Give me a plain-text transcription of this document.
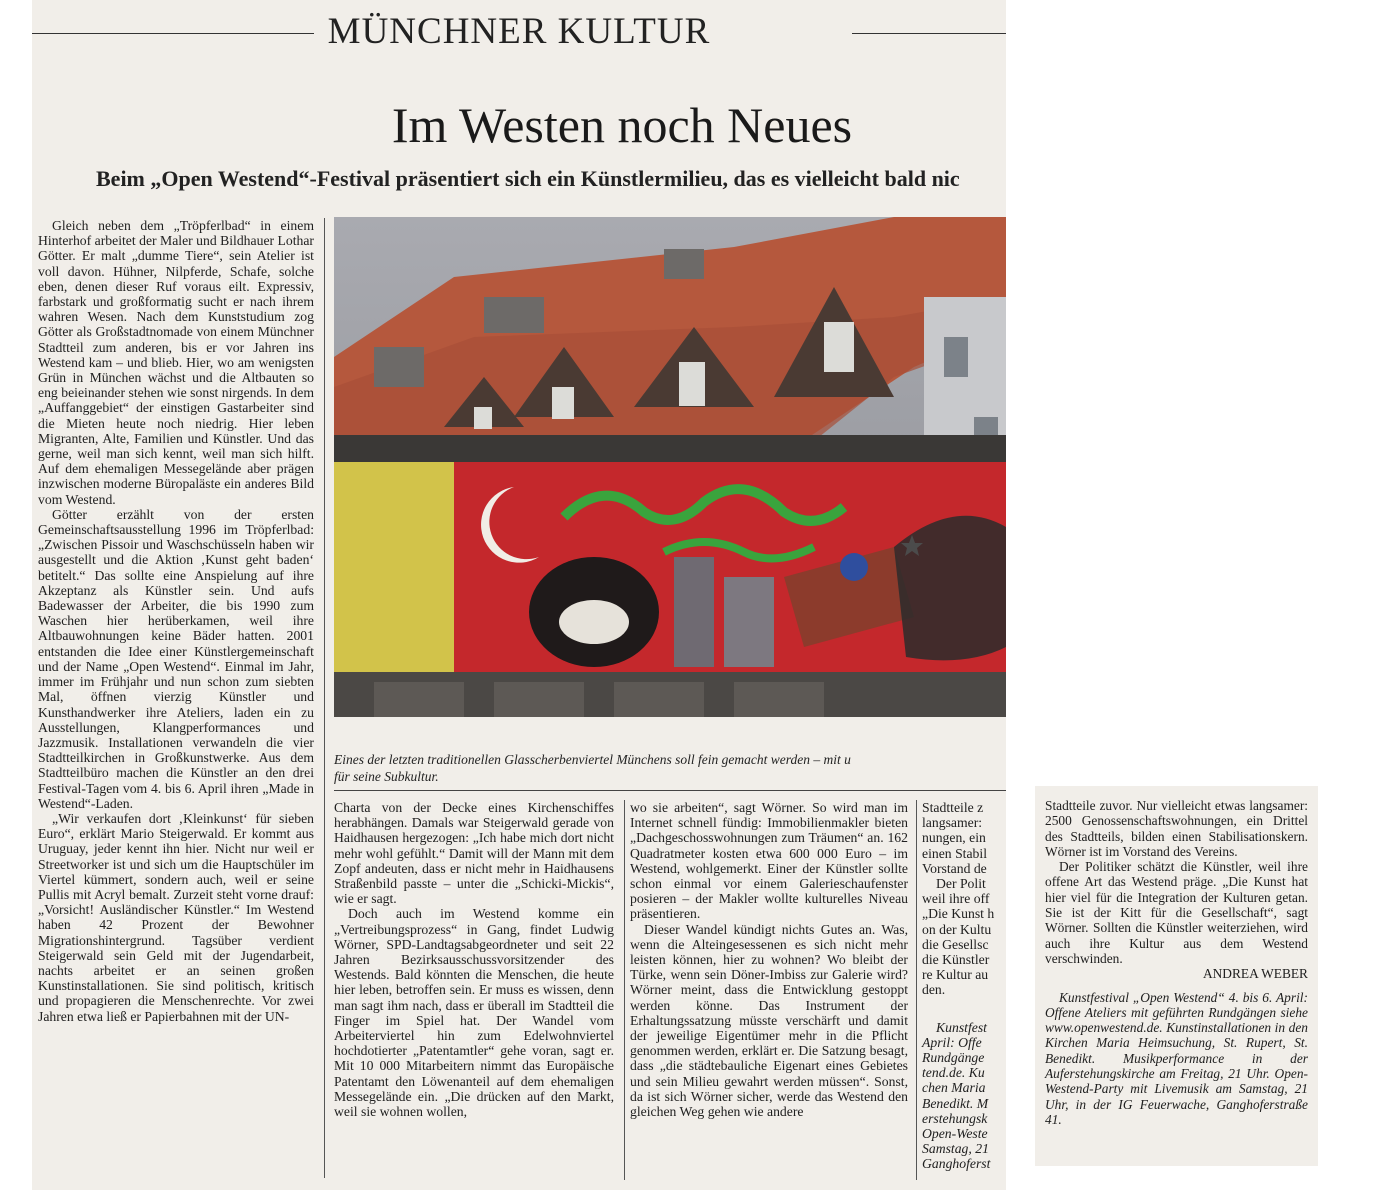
MÜNCHNER KULTUR
Im Westen noch Neues
Beim „Open Westend“-Festival präsentiert sich ein Künstlermilieu, das es vielleicht bald nic

Gleich neben dem „Tröpferlbad“ in einem Hinterhof arbeitet der Maler und Bildhauer Lothar Götter. Er malt „dumme Tiere“, sein Atelier ist voll davon. Hühner, Nilpferde, Schafe, solche eben, denen dieser Ruf voraus eilt. Expressiv, farbstark und großformatig sucht er nach ihrem wahren Wesen. Nach dem Kunststudium zog Götter als Großstadtnomade von einem Münchner Stadtteil zum anderen, bis er vor Jahren ins Westend kam – und blieb. Hier, wo am wenigsten Grün in München wächst und die Altbauten so eng beieinander stehen wie sonst nirgends. In dem „Auffanggebiet“ der einstigen Gastarbeiter sind die Mieten heute noch niedrig. Hier leben Migranten, Alte, Familien und Künstler. Und das gerne, weil man sich kennt, weil man sich hilft. Auf dem ehemaligen Messegelände aber prägen inzwischen moderne Büropaläste ein anderes Bild vom Westend.

Götter erzählt von der ersten Gemeinschaftsausstellung 1996 im Tröpferlbad: „Zwischen Pissoir und Waschschüsseln haben wir ausgestellt und die Aktion ‚Kunst geht baden‘ betitelt.“ Das sollte eine Anspielung auf ihre Akzeptanz als Künstler sein. Und aufs Badewasser der Arbeiter, die bis 1990 zum Waschen hier herüberkamen, weil ihre Altbauwohnungen keine Bäder hatten. 2001 entstanden die Idee einer Künstlergemeinschaft und der Name „Open Westend“. Einmal im Jahr, immer im Frühjahr und nun schon zum siebten Mal, öffnen vierzig Künstler und Kunsthandwerker ihre Ateliers, laden ein zu Ausstellungen, Klangperformances und Jazzmusik. Installationen verwandeln die vier Stadtteilkirchen in Großkunstwerke. Aus dem Stadtteilbüro machen die Künstler an den drei Festival-Tagen vom 4. bis 6. April ihren „Made in Westend“-Laden.

„Wir verkaufen dort ‚Kleinkunst‘ für sieben Euro“, erklärt Mario Steigerwald. Er kommt aus Uruguay, jeder kennt ihn hier. Nicht nur weil er Streetworker ist und sich um die Hauptschüler im Viertel kümmert, sondern auch, weil er seine Pullis mit Acryl bemalt. Zurzeit steht vorne drauf: „Vorsicht! Ausländischer Künstler.“ Im Westend haben 42 Prozent der Bewohner Migrationshintergrund. Tagsüber verdient Steigerwald sein Geld mit der Jugendarbeit, nachts arbeitet er an seinen großen Kunstinstallationen. Sie sind politisch, kritisch und propagieren die Menschenrechte. Vor zwei Jahren etwa ließ er Papierbahnen mit der UN-

Eines der letzten traditionellen Glasscherbenviertel Münchens soll fein gemacht werden – mit u
für seine Subkultur.

Charta von der Decke eines Kirchenschiffes herabhängen. Damals war Steigerwald gerade von Haidhausen hergezogen: „Ich habe mich dort nicht mehr wohl gefühlt.“ Damit will der Mann mit dem Zopf andeuten, dass er nicht mehr in Haidhausens Straßenbild passte – unter die „Schicki-Mickis“, wie er sagt.

Doch auch im Westend komme ein „Vertreibungsprozess“ in Gang, findet Ludwig Wörner, SPD-Landtagsabgeordneter und seit 22 Jahren Bezirksausschussvorsitzender des Westends. Bald könnten die Menschen, die heute hier leben, betroffen sein. Er muss es wissen, denn man sagt ihm nach, dass er überall im Stadtteil die Finger im Spiel hat. Der Wandel vom Arbeiterviertel hin zum Edelwohnviertel hochdotierter „Patentamtler“ gehe voran, sagt er. Mit 10 000 Mitarbeitern nimmt das Europäische Patentamt den Löwenanteil auf dem ehemaligen Messegelände ein. „Die drücken auf den Markt, weil sie wohnen wollen,

wo sie arbeiten“, sagt Wörner. So wird man im Internet schnell fündig: Immobilienmakler bieten „Dachgeschosswohnungen zum Träumen“ an. 162 Quadratmeter kosten etwa 600 000 Euro – im Westend, wohlgemerkt. Einer der Künstler sollte schon einmal vor einem Galerieschaufenster posieren – der Makler wollte kulturelles Niveau präsentieren.

Dieser Wandel kündigt nichts Gutes an. Was, wenn die Alteingesessenen es sich nicht mehr leisten können, hier zu wohnen? Wo bleibt der Türke, wenn sein Döner-Imbiss zur Galerie wird? Wörner meint, dass die Entwicklung gestoppt werden könne. Das Instrument der Erhaltungssatzung müsste verschärft und damit der jeweilige Eigentümer mehr in die Pflicht genommen werden, erklärt er. Die Satzung besagt, dass „die städtebauliche Eigenart eines Gebietes und sein Milieu gewahrt werden müssen“. Sonst, da ist sich Wörner sicher, werde das Westend den gleichen Weg gehen wie andere

Stadtteile z
langsamer:
nungen, ein
einen Stabil
Vorstand de
Der Polit
weil ihre off
„Die Kunst h
on der Kultu
die Gesellsc
die Künstler
re Kultur au
den.
Kunstfest
April: Offe
Rundgänge
tend.de. Ku
chen Maria
Benedikt. M
erstehungsk
Open-Weste
Samstag, 21
Ganghoferst

Stadtteile zuvor. Nur vielleicht etwas langsamer: 2500 Genossenschaftswohnungen, ein Drittel des Stadtteils, bilden einen Stabilisationskern. Wörner ist im Vorstand des Vereins.

Der Politiker schätzt die Künstler, weil ihre offene Art das Westend präge. „Die Kunst hat hier viel für die Integration der Kulturen getan. Sie ist der Kitt für die Gesellschaft“, sagt Wörner. Sollten die Künstler weiterziehen, wird auch ihre Kultur aus dem Westend verschwinden.

ANDREA WEBER

Kunstfestival „Open Westend“ 4. bis 6. April: Offene Ateliers mit geführten Rundgängen siehe www.openwestend.de. Kunstinstallationen in den Kirchen Maria Heimsuchung, St. Rupert, St. Benedikt. Musikperformance in der Auferstehungskirche am Freitag, 21 Uhr. Open-Westend-Party mit Livemusik am Samstag, 21 Uhr, in der IG Feuerwache, Ganghoferstraße 41.
